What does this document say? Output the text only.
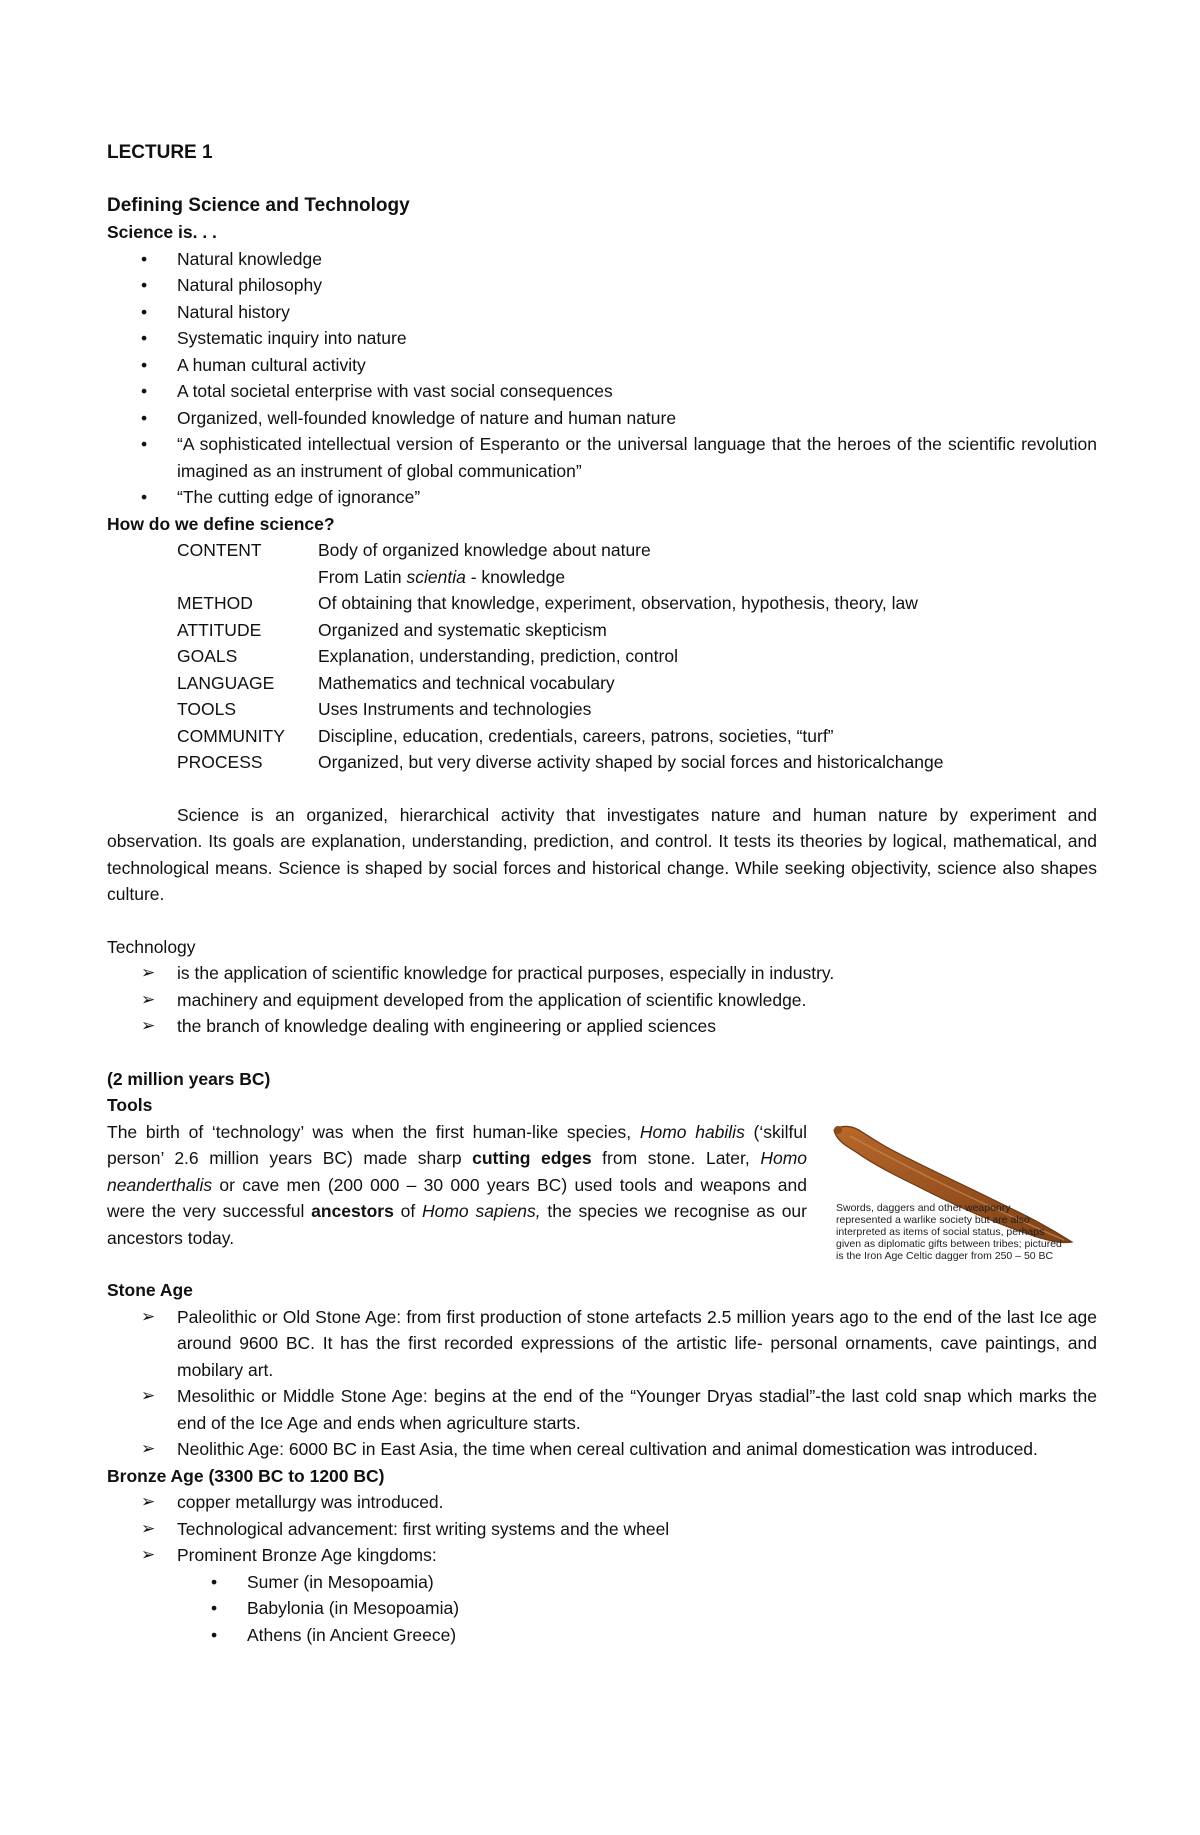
LECTURE 1
Defining Science and Technology
Science is. . .
• Natural knowledge
• Natural philosophy
• Natural history
• Systematic inquiry into nature
• A human cultural activity
• A total societal enterprise with vast social consequences
• Organized, well-founded knowledge of nature and human nature
• “A sophisticated intellectual version of Esperanto or the universal language that the heroes of the scientific revolution imagined as an instrument of global communication”
• “The cutting edge of ignorance”
How do we define science?
CONTENT	Body of organized knowledge about nature
	From Latin scientia - knowledge
METHOD	Of obtaining that knowledge, experiment, observation, hypothesis, theory, law
ATTITUDE	Organized and systematic skepticism
GOALS	Explanation, understanding, prediction, control
LANGUAGE	Mathematics and technical vocabulary
TOOLS	Uses Instruments and technologies
COMMUNITY	Discipline, education, credentials, careers, patrons, societies, “turf”
PROCESS	Organized, but very diverse activity shaped by social forces and historicalchange

Science is an organized, hierarchical activity that investigates nature and human nature by experiment and observation. Its goals are explanation, understanding, prediction, and control. It tests its theories by logical, mathematical, and technological means. Science is shaped by social forces and historical change. While seeking objectivity, science also shapes culture.

Technology
➢ is the application of scientific knowledge for practical purposes, especially in industry.
➢ machinery and equipment developed from the application of scientific knowledge.
➢ the branch of knowledge dealing with engineering or applied sciences
(2 million years BC)
Tools
The birth of ‘technology’ was when the first human-like species, Homo habilis (‘skilful person’ 2.6 million years BC) made sharp cutting edges from stone. Later, Homo neanderthalis or cave men (200 000 – 30 000 years BC) used tools and weapons and were the very successful ancestors of Homo sapiens, the species we recognise as our ancestors today.
Swords, daggers and other weaponry represented a warlike society but are also interpreted as items of social status, perhaps given as diplomatic gifts between tribes; pictured is the Iron Age Celtic dagger from 250 – 50 BC
Stone Age
➢ Paleolithic or Old Stone Age: from first production of stone artefacts 2.5 million years ago to the end of the last Ice age around 9600 BC. It has the first recorded expressions of the artistic life- personal ornaments, cave paintings, and mobilary art.
➢ Mesolithic or Middle Stone Age: begins at the end of the “Younger Dryas stadial”-the last cold snap which marks the end of the Ice Age and ends when agriculture starts.
➢ Neolithic Age: 6000 BC in East Asia, the time when cereal cultivation and animal domestication was introduced.
Bronze Age (3300 BC to 1200 BC)
➢ copper metallurgy was introduced.
➢ Technological advancement: first writing systems and the wheel
➢ Prominent Bronze Age kingdoms:
• Sumer (in Mesopoamia)
• Babylonia (in Mesopoamia)
• Athens (in Ancient Greece)
